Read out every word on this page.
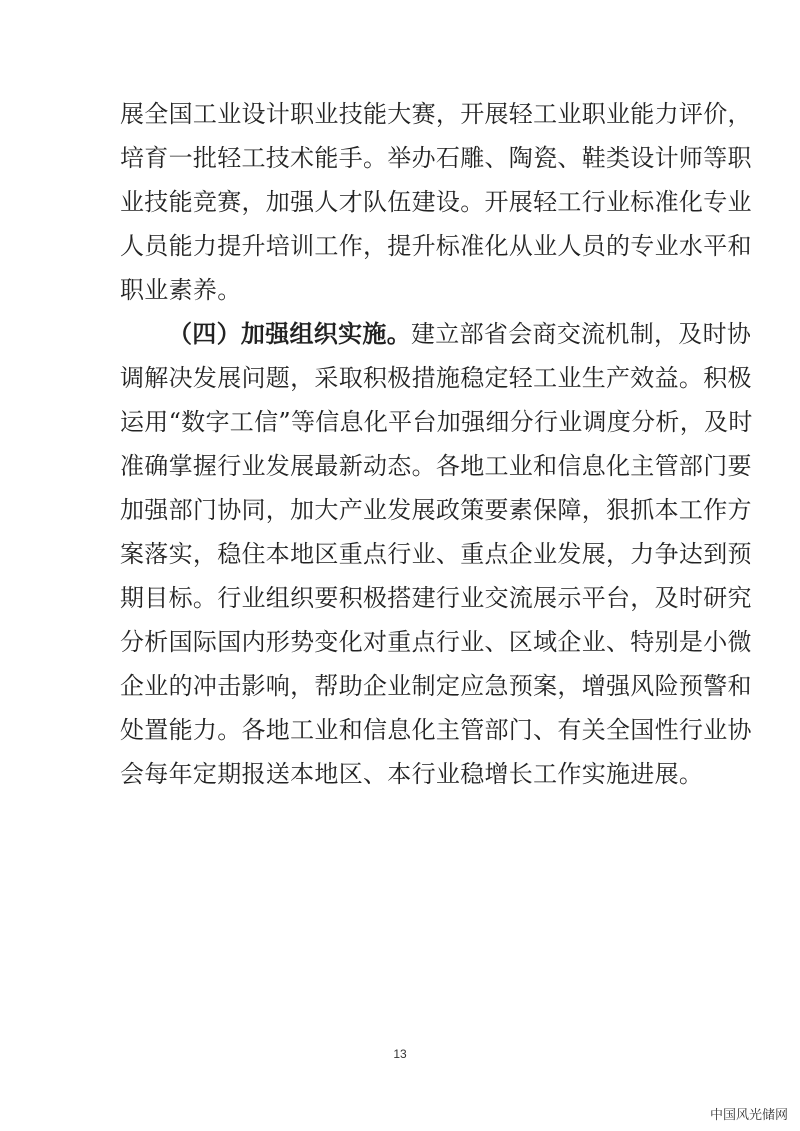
展全国工业设计职业技能大赛，开展轻工业职业能力评价，
培育一批轻工技术能手。举办石雕、陶瓷、鞋类设计师等职
业技能竞赛，加强人才队伍建设。开展轻工行业标准化专业
人员能力提升培训工作，提升标准化从业人员的专业水平和
职业素养。
（四）加强组织实施。建立部省会商交流机制，及时协
调解决发展问题，采取积极措施稳定轻工业生产效益。积极
运用“数字工信”等信息化平台加强细分行业调度分析，及时
准确掌握行业发展最新动态。各地工业和信息化主管部门要
加强部门协同，加大产业发展政策要素保障，狠抓本工作方
案落实，稳住本地区重点行业、重点企业发展，力争达到预
期目标。行业组织要积极搭建行业交流展示平台，及时研究
分析国际国内形势变化对重点行业、区域企业、特别是小微
企业的冲击影响，帮助企业制定应急预案，增强风险预警和
处置能力。各地工业和信息化主管部门、有关全国性行业协
会每年定期报送本地区、本行业稳增长工作实施进展。
13
中国风光储网
